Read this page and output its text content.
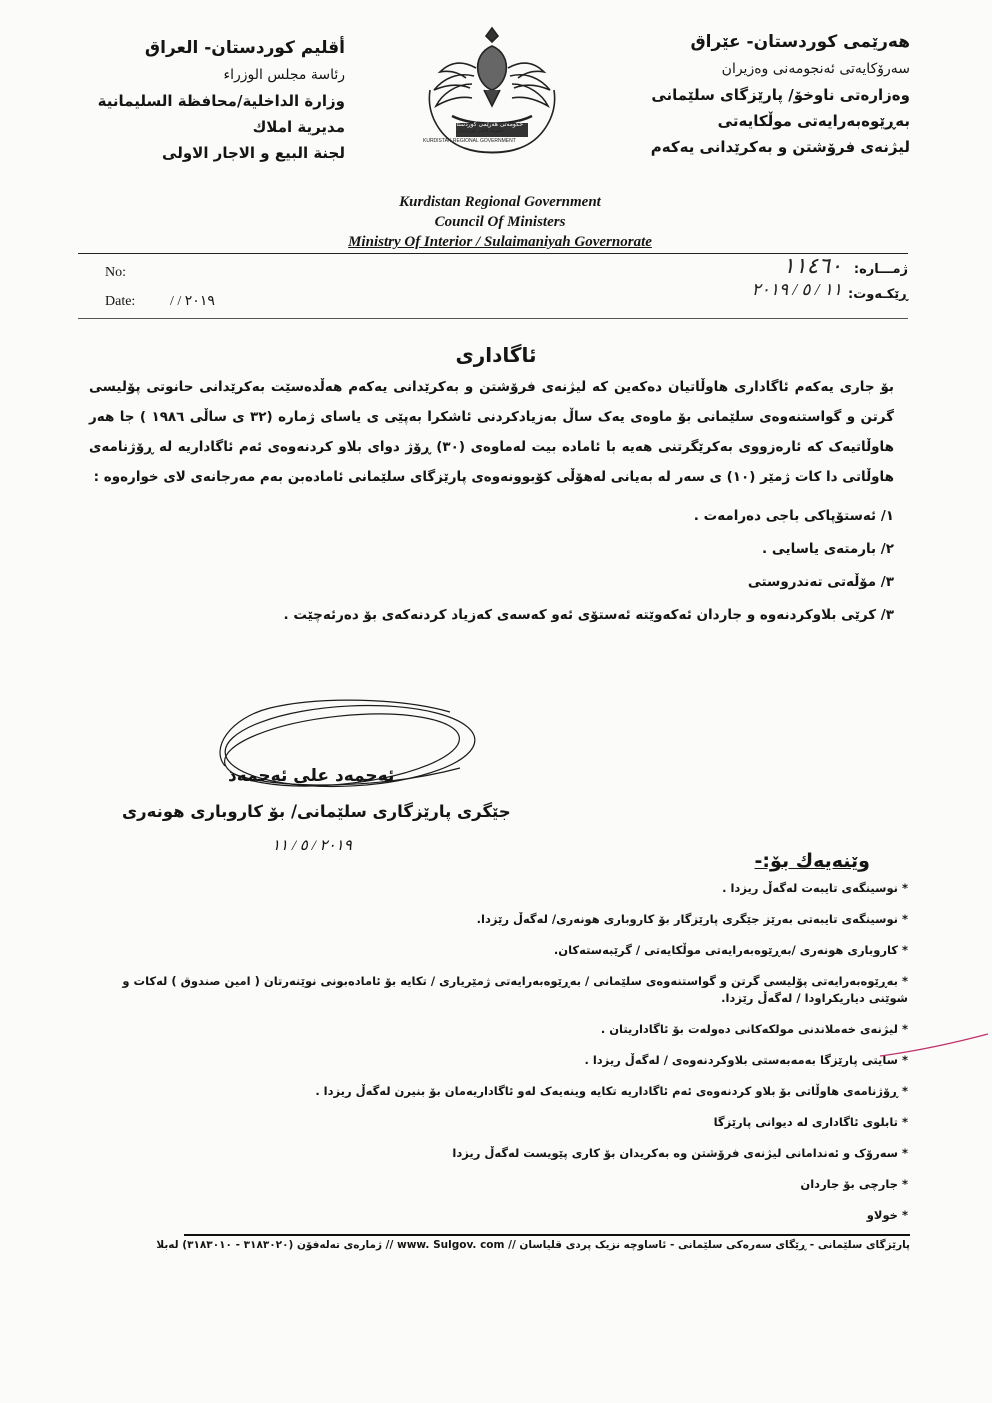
هەرێمی کوردستان- عێراق
سەرۆکایەتی ئەنجومەنی وەزیران
وەزارەتی ناوخۆ/ پارێزگای سلێمانی
بەڕێوەبەرایەتی موڵکایەتی
لیژنەی فرۆشتن و بەکرێدانی یەکەم
أقليم كوردستان- العراق
رئاسة مجلس الوزراء
وزارة الداخلية/محافظة السليمانية
مديرية املاك
لجنة البيع و الاجار الاولى
حکومەتی هەرێمی کوردستان
حكومة إقليم كوردستان
KURDISTAN REGIONAL GOVERNMENT
Kurdistan Regional Government
Council Of Ministers
Ministry Of Interior / Sulaimaniyah Governorate
No:
Date: / / ٢٠١٩
ژمـــاره:
١١٤٦٠
ڕێکـەوت:
١١ / ٥ / ٢٠١٩
ئاگاداری

بۆ جاری یەکەم ئاگاداری هاوڵاتیان دەکەین کە لیژنەی فرۆشتن و بەکرێدانی یەکەم هەڵدەسێت بەکرێدانی حانوتی پۆلیسی گرتن و گواستنەوەی سلێمانی بۆ ماوەی یەک ساڵ بەزیادکردنی ئاشکرا بەپێی ی یاسای ژماره (٣٢ ی ساڵی ١٩٨٦ ) جا هەر هاوڵاتیەک کە ئارەزووی بەکرێگرتنی هەیە با ئامادە بیت لەماوەی (٣٠) ڕۆژ دوای بلاو کردنەوەی ئەم ئاگاداریە لە ڕۆژنامەی هاوڵاتی دا کات ژمێر (١٠) ی سەر لە بەیانی لەهۆڵی کۆبوونەوەی پارێزگای سلێمانی ئامادەبن بەم مەرجانەی لای خوارەوە :

١/ ئەستۆپاکی باجی دەرامەت .
٢/ بارمتەی یاسایی .
٣/ مۆڵەتی تەندروستی
٣/ کرێی بلاوکردنەوە و جاردان ئەکەوێتە ئەستۆی ئەو کەسەی کەزیاد کردنەکەی بۆ دەرئەچێت .
ئەحمەد علی ئەحمەد
جێگری پارێزگاری سلێمانی/ بۆ کاروباری هونەری
٢٠١٩ / ٥ / ١١
وێنەیەك بۆ:-
* نوسینگەی تایبەت لەگەڵ ریزدا .
* نوسینگەی تایبەتی بەرێز جێگری پارێزگار بۆ کاروباری هونەری/ لەگەڵ رێزدا.
* کاروباری هونەری /بەڕێوەبەرایەتی موڵکایەتی / گرێبەستەکان.
* بەڕێوەبەرایەتی پۆلیسی گرتن و گواستنەوەی سلێمانی / بەڕێوەبەرایەتی ژمێریاری / تکایە بۆ ئامادەبونی نوێنەرتان ( امین صندوق ) لەکات و شوێنی دیاریکراودا / لەگەڵ رێزدا.
* لیژنەی خەملاندنی مولکەکانی دەولەت بۆ ئاگاداریتان .
* سایتی پارێزگا بەمەبەستی بلاوکردنەوەی / لەگەڵ ریزدا .
* ڕۆژنامەی هاوڵاتی بۆ بلاو کردنەوەی ئەم ئاگاداریە تکایە وینەیەک لەو ئاگاداریەمان بۆ بنیرن لەگەڵ ریزدا .
* تابلوی ئاگاداری لە دیوانی پارێزگا
* سەرۆک و ئەندامانی لیژنەی فرۆشتن وە بەکریدان بۆ کاری پێویست لەگەڵ ریزدا
* جارچی بۆ جاردان
* خولاو
پارێزگای سلێمانی - ڕێگای سەرەکی سلێمانی - ئاساوچە نزیک پردی قلیاسان // www. Sulgov. com // ژمارەی تەلەفۆن (٣١٨٣٠٢٠ - ٣١٨٣٠١٠) لەبلا
